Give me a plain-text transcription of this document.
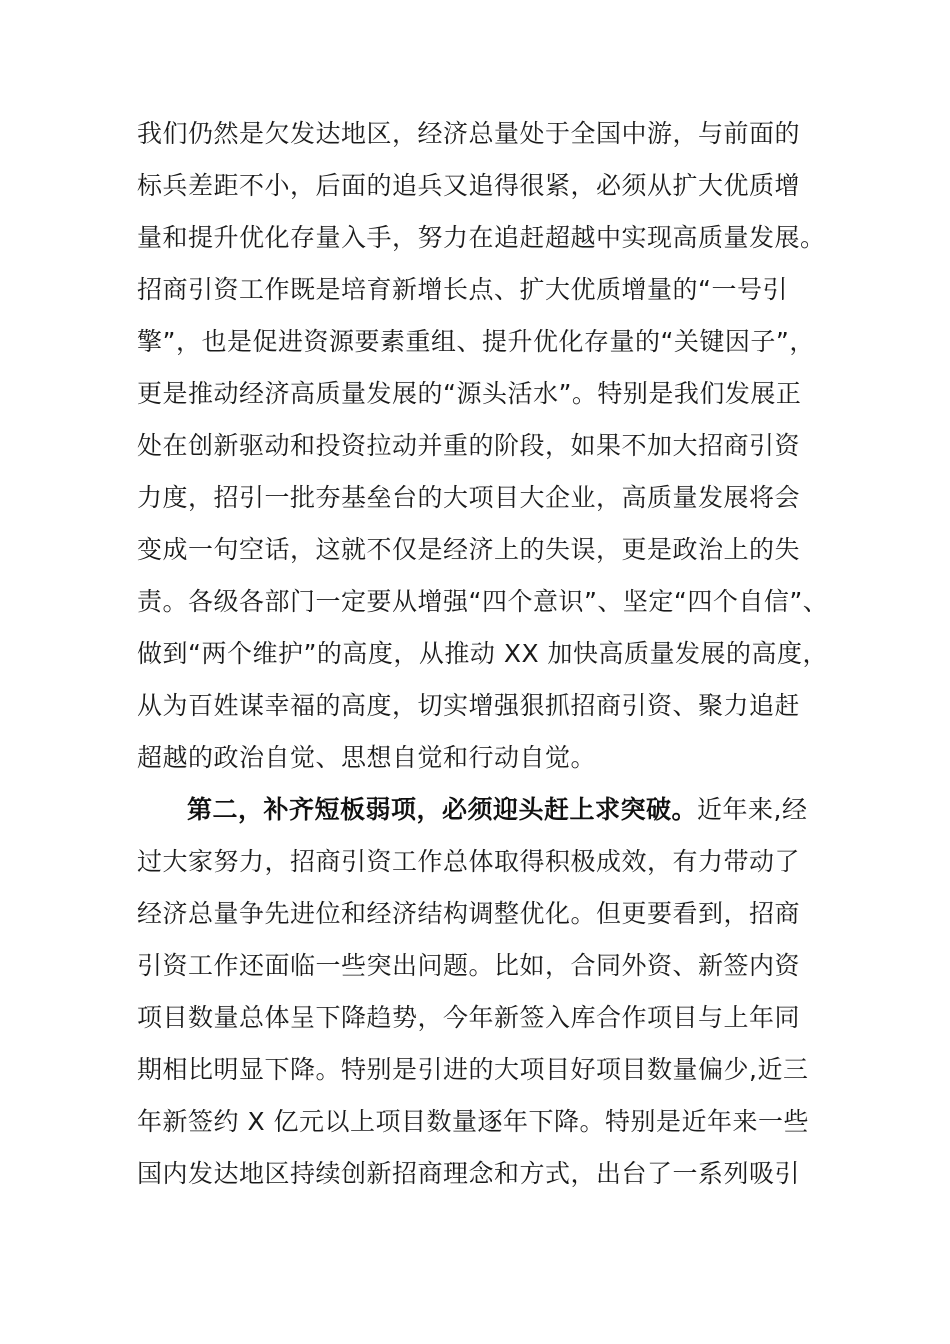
我们仍然是欠发达地区，经济总量处于全国中游，与前面的
标兵差距不小，后面的追兵又追得很紧，必须从扩大优质增
量和提升优化存量入手，努力在追赶超越中实现高质量发展。
招商引资工作既是培育新增长点、扩大优质增量的“一号引
擎”，也是促进资源要素重组、提升优化存量的“关键因子”，
更是推动经济高质量发展的“源头活水”。特别是我们发展正
处在创新驱动和投资拉动并重的阶段，如果不加大招商引资
力度，招引一批夯基垒台的大项目大企业，高质量发展将会
变成一句空话，这就不仅是经济上的失误，更是政治上的失
责。各级各部门一定要从增强“四个意识”、坚定“四个自信”、
做到“两个维护”的高度，从推动 XX 加快高质量发展的高度，
从为百姓谋幸福的高度，切实增强狠抓招商引资、聚力追赶
超越的政治自觉、思想自觉和行动自觉。
第二，补齐短板弱项，必须迎头赶上求突破。近年来,经
过大家努力，招商引资工作总体取得积极成效，有力带动了
经济总量争先进位和经济结构调整优化。但更要看到，招商
引资工作还面临一些突出问题。比如，合同外资、新签内资
项目数量总体呈下降趋势，今年新签入库合作项目与上年同
期相比明显下降。特别是引进的大项目好项目数量偏少,近三
年新签约 X 亿元以上项目数量逐年下降。特别是近年来一些
国内发达地区持续创新招商理念和方式，出台了一系列吸引
